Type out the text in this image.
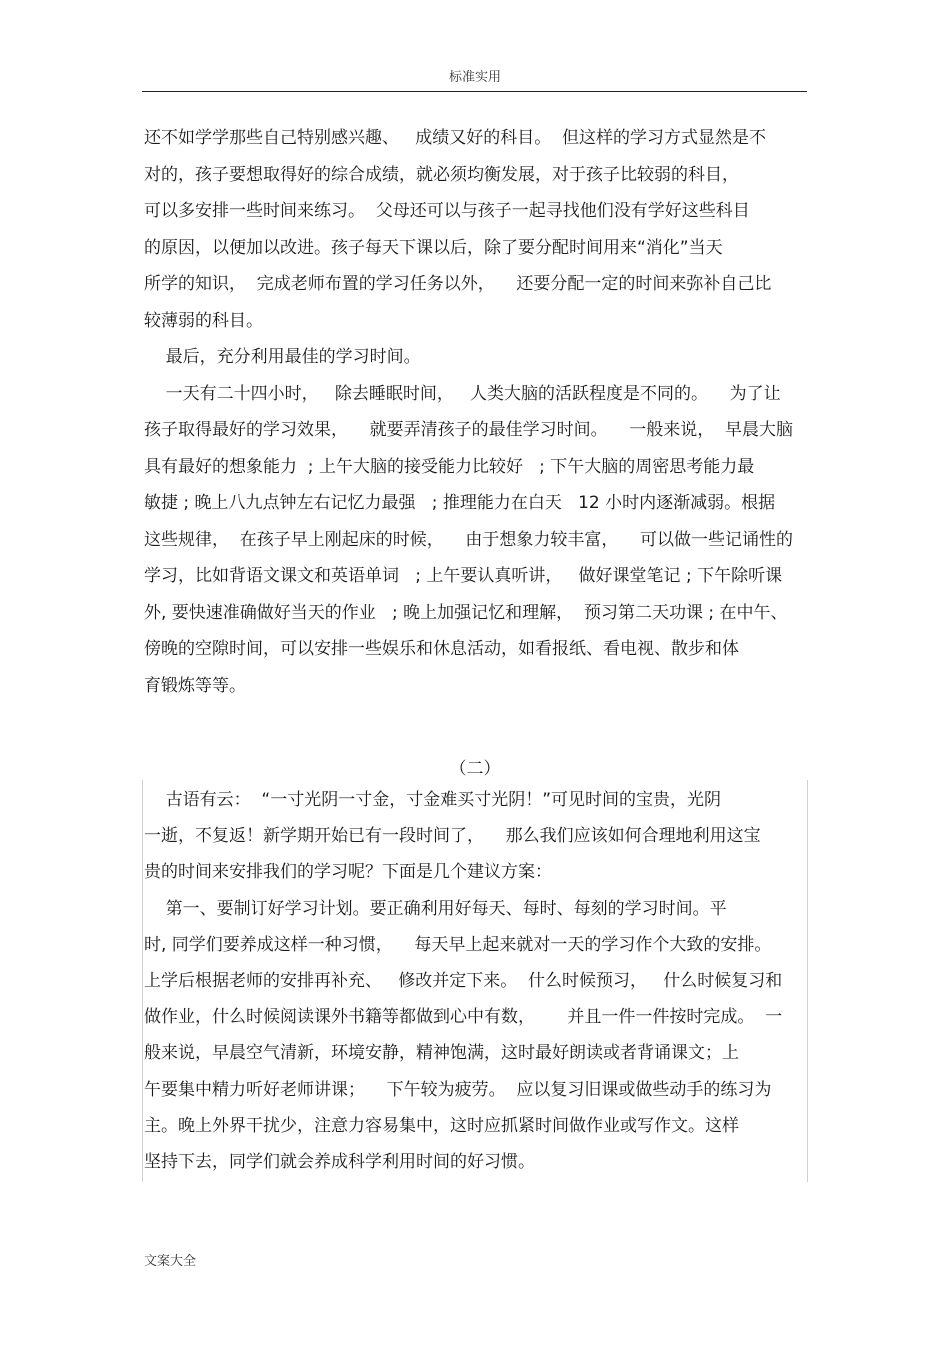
标准实用
还不如学学那些自己特别感兴趣、   成绩又好的科目。  但这样的学习方式显然是不
对的，孩子要想取得好的综合成绩，就必须均衡发展，对于孩子比较弱的科目，
可以多安排一些时间来练习。  父母还可以与孩子一起寻找他们没有学好这些科目
的原因，以便加以改进。孩子每天下课以后，除了要分配时间用来“消化”当天
所学的知识，  完成老师布置的学习任务以外，    还要分配一定的时间来弥补自己比
较薄弱的科目。
最后，充分利用最佳的学习时间。
一天有二十四小时，   除去睡眠时间，   人类大脑的活跃程度是不同的。    为了让
孩子取得最好的学习效果，    就要弄清孩子的最佳学习时间。    一般来说，  早晨大脑
具有最好的想象能力  ; 上午大脑的接受能力比较好   ; 下午大脑的周密思考能力最
敏捷 ; 晚上八九点钟左右记忆力最强   ; 推理能力在白天   12 小时内逐渐减弱。根据
这些规律，  在孩子早上刚起床的时候，    由于想象力较丰富，    可以做一些记诵性的
学习，比如背语文课文和英语单词   ; 上午要认真听讲，   做好课堂笔记 ; 下午除听课
外, 要快速准确做好当天的作业   ; 晚上加强记忆和理解，  预习第二天功课 ; 在中午、
傍晚的空隙时间，可以安排一些娱乐和休息活动，如看报纸、看电视、散步和体
育锻炼等等。
（二）
古语有云：  “一寸光阴一寸金，寸金难买寸光阴！”可见时间的宝贵，光阴
一逝，不复返！新学期开始已有一段时间了，    那么我们应该如何合理地利用这宝
贵的时间来安排我们的学习呢？下面是几个建议方案：
第一、要制订好学习计划。要正确利用好每天、每时、每刻的学习时间。平
时, 同学们要养成这样一种习惯，    每天早上起来就对一天的学习作个大致的安排。
上学后根据老师的安排再补充、   修改并定下来。  什么时候预习，   什么时候复习和
做作业，什么时候阅读课外书籍等都做到心中有数，      并且一件一件按时完成。  一
般来说，早晨空气清新，环境安静，精神饱满，这时最好朗读或者背诵课文；上
午要集中精力听好老师讲课；    下午较为疲劳。  应以复习旧课或做些动手的练习为
主。晚上外界干扰少，注意力容易集中，这时应抓紧时间做作业或写作文。这样
坚持下去，同学们就会养成科学利用时间的好习惯。
文案大全
